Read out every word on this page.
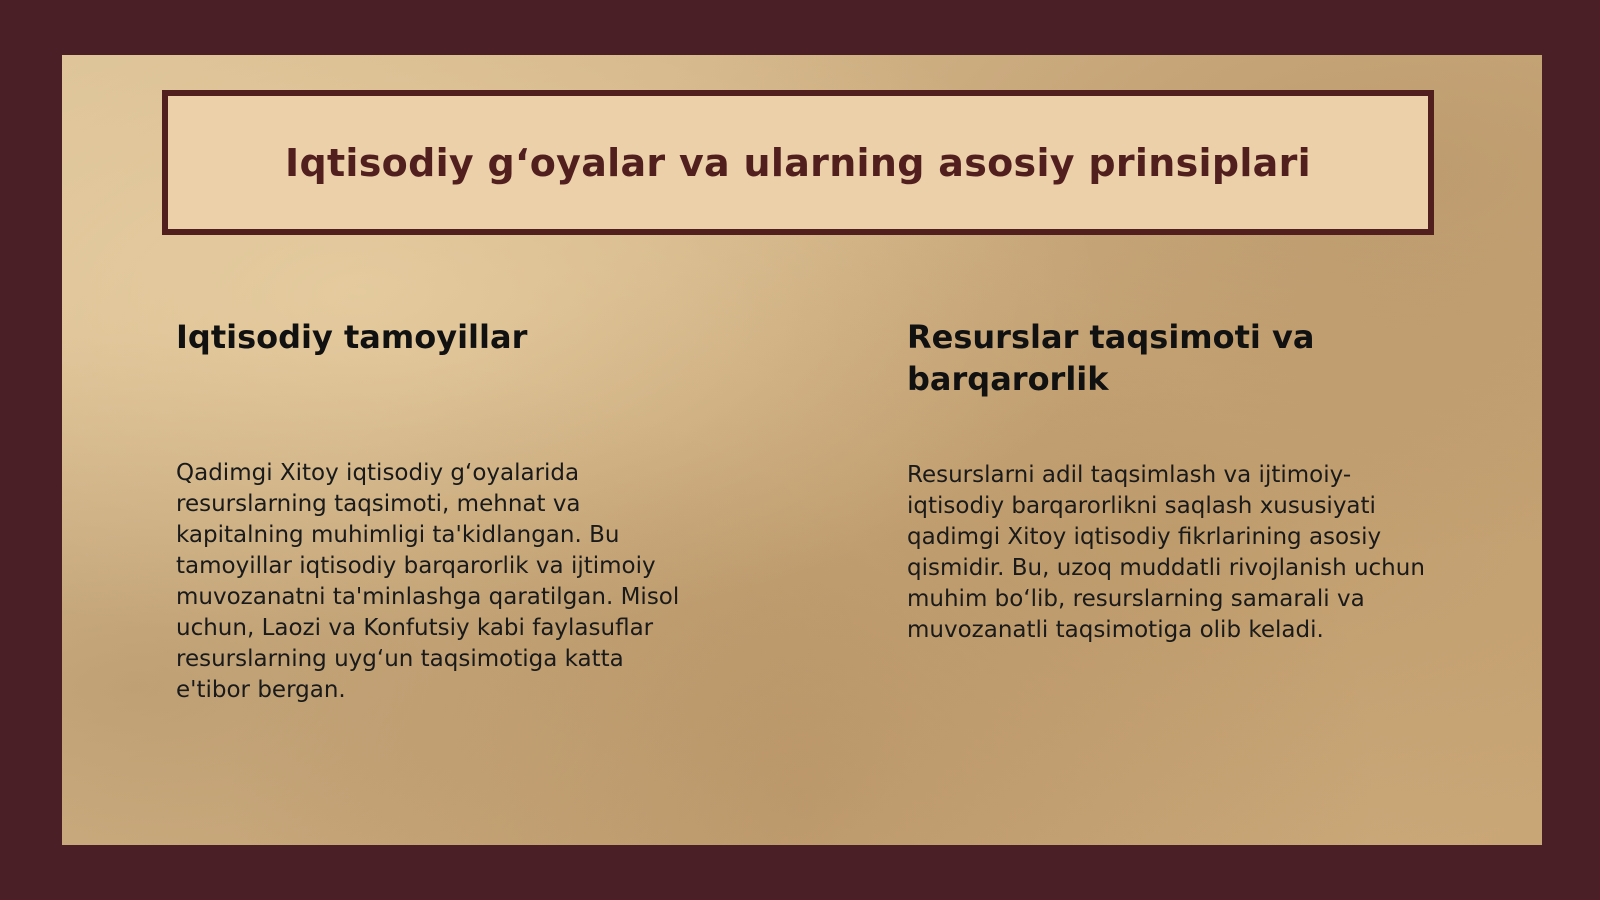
Iqtisodiy g‘oyalar va ularning asosiy prinsiplari
Iqtisodiy tamoyillar
Qadimgi Xitoy iqtisodiy g‘oyalarida resurslarning taqsimoti, mehnat va kapitalning muhimligi ta'kidlangan. Bu tamoyillar iqtisodiy barqarorlik va ijtimoiy muvozanatni ta'minlashga qaratilgan. Misol uchun, Laozi va Konfutsiy kabi faylasuflar resurslarning uyg‘un taqsimotiga katta e'tibor bergan.
Resurslar taqsimoti va barqarorlik
Resurslarni adil taqsimlash va ijtimoiy-iqtisodiy barqarorlikni saqlash xususiyati qadimgi Xitoy iqtisodiy fikrlarining asosiy qismidir. Bu, uzoq muddatli rivojlanish uchun muhim bo‘lib, resurslarning samarali va muvozanatli taqsimotiga olib keladi.
